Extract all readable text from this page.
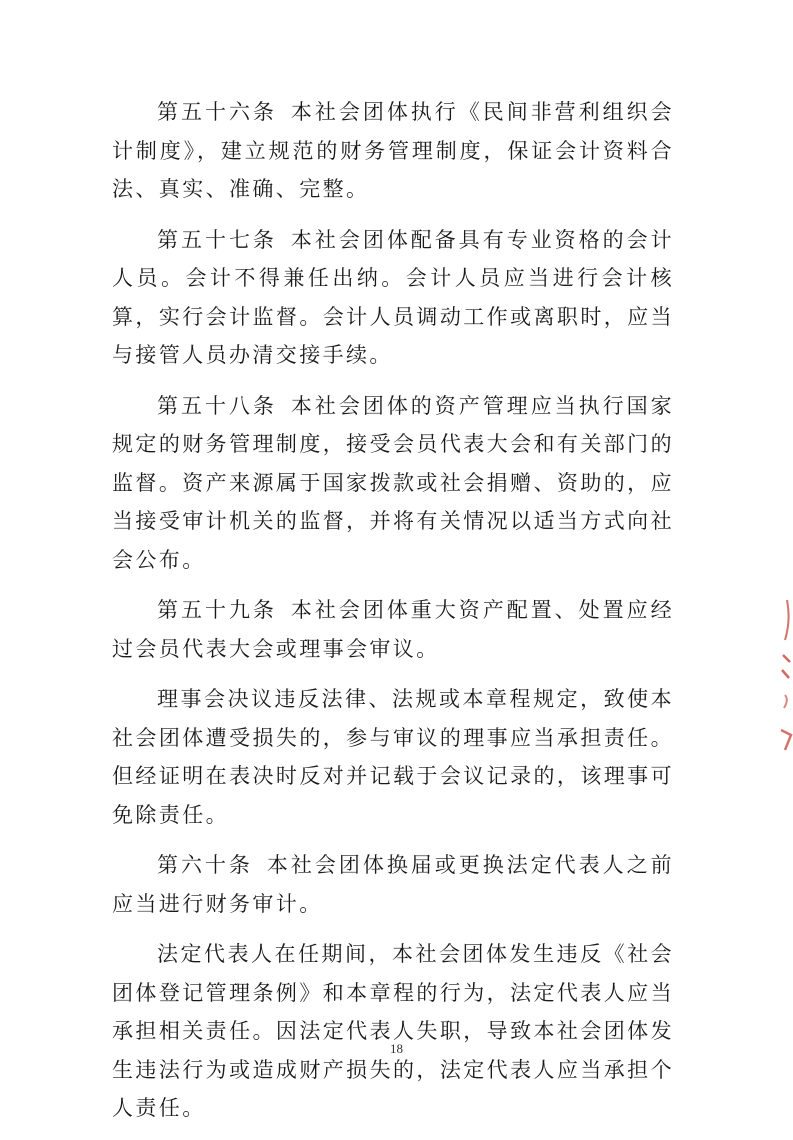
第五十六条 本社会团体执行《民间非营利组织会计制度》，建立规范的财务管理制度，保证会计资料合法、真实、准确、完整。

第五十七条 本社会团体配备具有专业资格的会计人员。会计不得兼任出纳。会计人员应当进行会计核算，实行会计监督。会计人员调动工作或离职时，应当与接管人员办清交接手续。

第五十八条 本社会团体的资产管理应当执行国家规定的财务管理制度，接受会员代表大会和有关部门的监督。资产来源属于国家拨款或社会捐赠、资助的，应当接受审计机关的监督，并将有关情况以适当方式向社会公布。

第五十九条 本社会团体重大资产配置、处置应经过会员代表大会或理事会审议。

理事会决议违反法律、法规或本章程规定，致使本社会团体遭受损失的，参与审议的理事应当承担责任。但经证明在表决时反对并记载于会议记录的，该理事可免除责任。

第六十条 本社会团体换届或更换法定代表人之前应当进行财务审计。

法定代表人在任期间，本社会团体发生违反《社会团体登记管理条例》和本章程的行为，法定代表人应当承担相关责任。因法定代表人失职，导致本社会团体发生违法行为或造成财产损失的，法定代表人应当承担个人责任。

18
